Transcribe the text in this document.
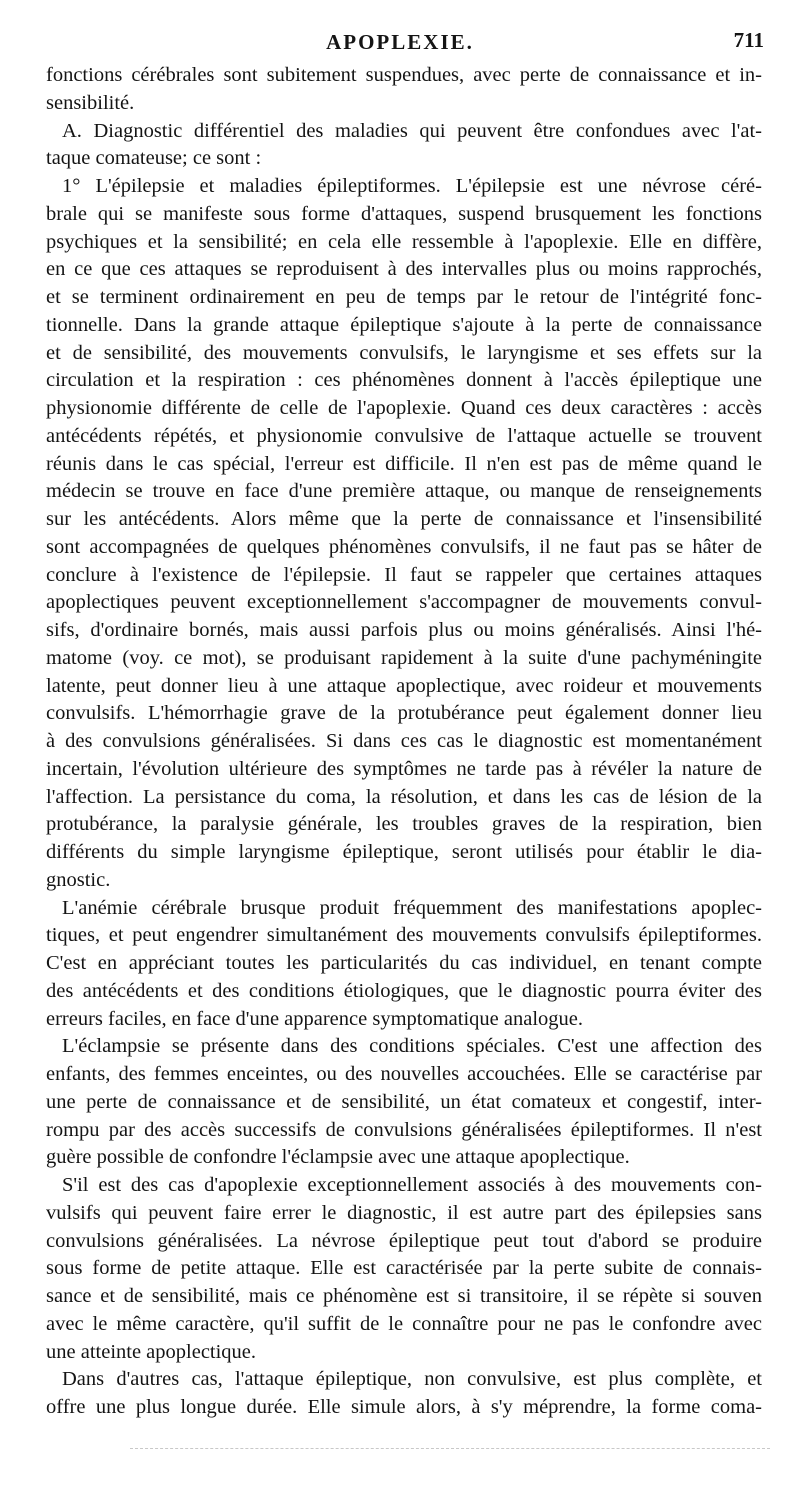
APOPLEXIE.	711
fonctions cérébrales sont subitement suspendues, avec perte de connaissance et in-
sensibilité.
A. Diagnostic différentiel des maladies qui peuvent être confondues avec l'at-
taque comateuse; ce sont :
1° L'épilepsie et maladies épileptiformes. L'épilepsie est une névrose céré-
brale qui se manifeste sous forme d'attaques, suspend brusquement les fonctions
psychiques et la sensibilité; en cela elle ressemble à l'apoplexie. Elle en diffère,
en ce que ces attaques se reproduisent à des intervalles plus ou moins rapprochés,
et se terminent ordinairement en peu de temps par le retour de l'intégrité fonc-
tionnelle. Dans la grande attaque épileptique s'ajoute à la perte de connaissance
et de sensibilité, des mouvements convulsifs, le laryngisme et ses effets sur la
circulation et la respiration : ces phénomènes donnent à l'accès épileptique une
physionomie différente de celle de l'apoplexie. Quand ces deux caractères : accès
antécédents répétés, et physionomie convulsive de l'attaque actuelle se trouvent
réunis dans le cas spécial, l'erreur est difficile. Il n'en est pas de même quand le
médecin se trouve en face d'une première attaque, ou manque de renseignements
sur les antécédents. Alors même que la perte de connaissance et l'insensibilité
sont accompagnées de quelques phénomènes convulsifs, il ne faut pas se hâter de
conclure à l'existence de l'épilepsie. Il faut se rappeler que certaines attaques
apoplectiques peuvent exceptionnellement s'accompagner de mouvements convul-
sifs, d'ordinaire bornés, mais aussi parfois plus ou moins généralisés. Ainsi l'hé-
matome (voy. ce mot), se produisant rapidement à la suite d'une pachyméningite
latente, peut donner lieu à une attaque apoplectique, avec roideur et mouvements
convulsifs. L'hémorrhagie grave de la protubérance peut également donner lieu
à des convulsions généralisées. Si dans ces cas le diagnostic est momentanément
incertain, l'évolution ultérieure des symptômes ne tarde pas à révéler la nature de
l'affection. La persistance du coma, la résolution, et dans les cas de lésion de la
protubérance, la paralysie générale, les troubles graves de la respiration, bien
différents du simple laryngisme épileptique, seront utilisés pour établir le dia-
gnostic.
L'anémie cérébrale brusque produit fréquemment des manifestations apoplec-
tiques, et peut engendrer simultanément des mouvements convulsifs épileptiformes.
C'est en appréciant toutes les particularités du cas individuel, en tenant compte
des antécédents et des conditions étiologiques, que le diagnostic pourra éviter des
erreurs faciles, en face d'une apparence symptomatique analogue.
L'éclampsie se présente dans des conditions spéciales. C'est une affection des
enfants, des femmes enceintes, ou des nouvelles accouchées. Elle se caractérise par
une perte de connaissance et de sensibilité, un état comateux et congestif, inter-
rompu par des accès successifs de convulsions généralisées épileptiformes. Il n'est
guère possible de confondre l'éclampsie avec une attaque apoplectique.
S'il est des cas d'apoplexie exceptionnellement associés à des mouvements con-
vulsifs qui peuvent faire errer le diagnostic, il est autre part des épilepsies sans
convulsions généralisées. La névrose épileptique peut tout d'abord se produire
sous forme de petite attaque. Elle est caractérisée par la perte subite de connais-
sance et de sensibilité, mais ce phénomène est si transitoire, il se répète si souven
avec le même caractère, qu'il suffit de le connaître pour ne pas le confondre avec
une atteinte apoplectique.
Dans d'autres cas, l'attaque épileptique, non convulsive, est plus complète, et
offre une plus longue durée. Elle simule alors, à s'y méprendre, la forme coma-
